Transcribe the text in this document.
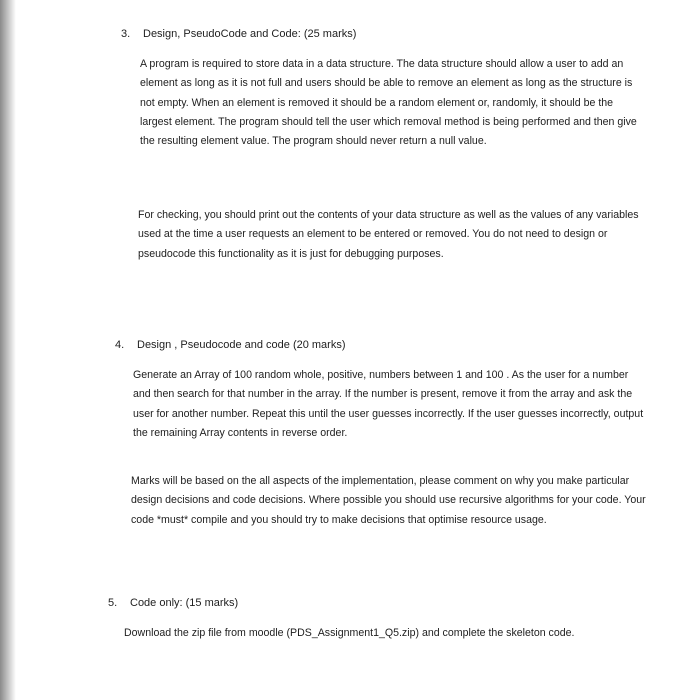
3. Design, PseudoCode and Code: (25 marks)

A program is required to store data in a data structure. The data structure should allow a user to add an element as long as it is not full and users should be able to remove an element as long as the structure is not empty. When an element is removed it should be a random element or, randomly, it should be the largest element. The program should tell the user which removal method is being performed and then give the resulting element value. The program should never return a null value.

For checking, you should print out the contents of your data structure as well as the values of any variables used at the time a user requests an element to be entered or removed. You do not need to design or pseudocode this functionality as it is just for debugging purposes.

4. Design , Pseudocode and code (20 marks)

Generate an Array of 100 random whole, positive, numbers between 1 and 100 . As the user for a number and then search for that number in the array. If the number is present, remove it from the array and ask the user for another number. Repeat this until the user guesses incorrectly. If the user guesses incorrectly, output the remaining Array contents in reverse order.

Marks will be based on the all aspects of the implementation, please comment on why you make particular design decisions and code decisions. Where possible you should use recursive algorithms for your code. Your code *must* compile and you should try to make decisions that optimise resource usage.

5. Code only: (15 marks)

Download the zip file from moodle (PDS_Assignment1_Q5.zip) and complete the skeleton code.
